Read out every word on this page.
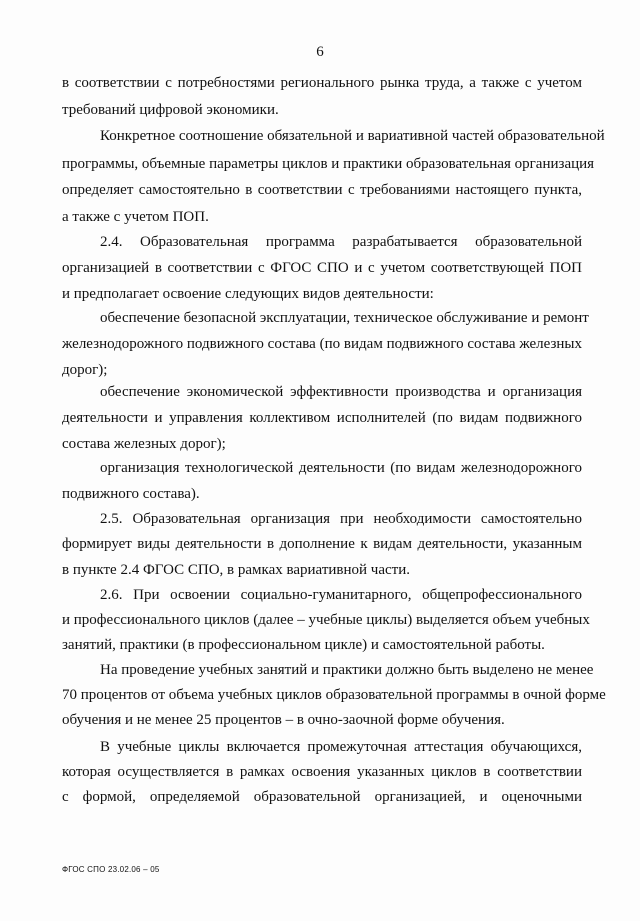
6
в соответствии с потребностями регионального рынка труда, а также с учетом
требований цифровой экономики.
Конкретное соотношение обязательной и вариативной частей образовательной
программы, объемные параметры циклов и практики образовательная организация
определяет самостоятельно в соответствии с требованиями настоящего пункта,
а также с учетом ПОП.
2.4. Образовательная программа разрабатывается образовательной
организацией в соответствии с ФГОС СПО и с учетом соответствующей ПОП
и предполагает освоение следующих видов деятельности:
обеспечение безопасной эксплуатации, техническое обслуживание и ремонт
железнодорожного подвижного состава (по видам подвижного состава железных
дорог);
обеспечение экономической эффективности производства и организация
деятельности и управления коллективом исполнителей (по видам подвижного
состава железных дорог);
организация технологической деятельности (по видам железнодорожного
подвижного состава).
2.5. Образовательная организация при необходимости самостоятельно
формирует виды деятельности в дополнение к видам деятельности, указанным
в пункте 2.4 ФГОС СПО, в рамках вариативной части.
2.6. При освоении социально-гуманитарного, общепрофессионального
и профессионального циклов (далее – учебные циклы) выделяется объем учебных
занятий, практики (в профессиональном цикле) и самостоятельной работы.
На проведение учебных занятий и практики должно быть выделено не менее
70 процентов от объема учебных циклов образовательной программы в очной форме
обучения и не менее 25 процентов – в очно-заочной форме обучения.
В учебные циклы включается промежуточная аттестация обучающихся,
которая осуществляется в рамках освоения указанных циклов в соответствии
с формой, определяемой образовательной организацией, и оценочными
ФГОС СПО 23.02.06 – 05
